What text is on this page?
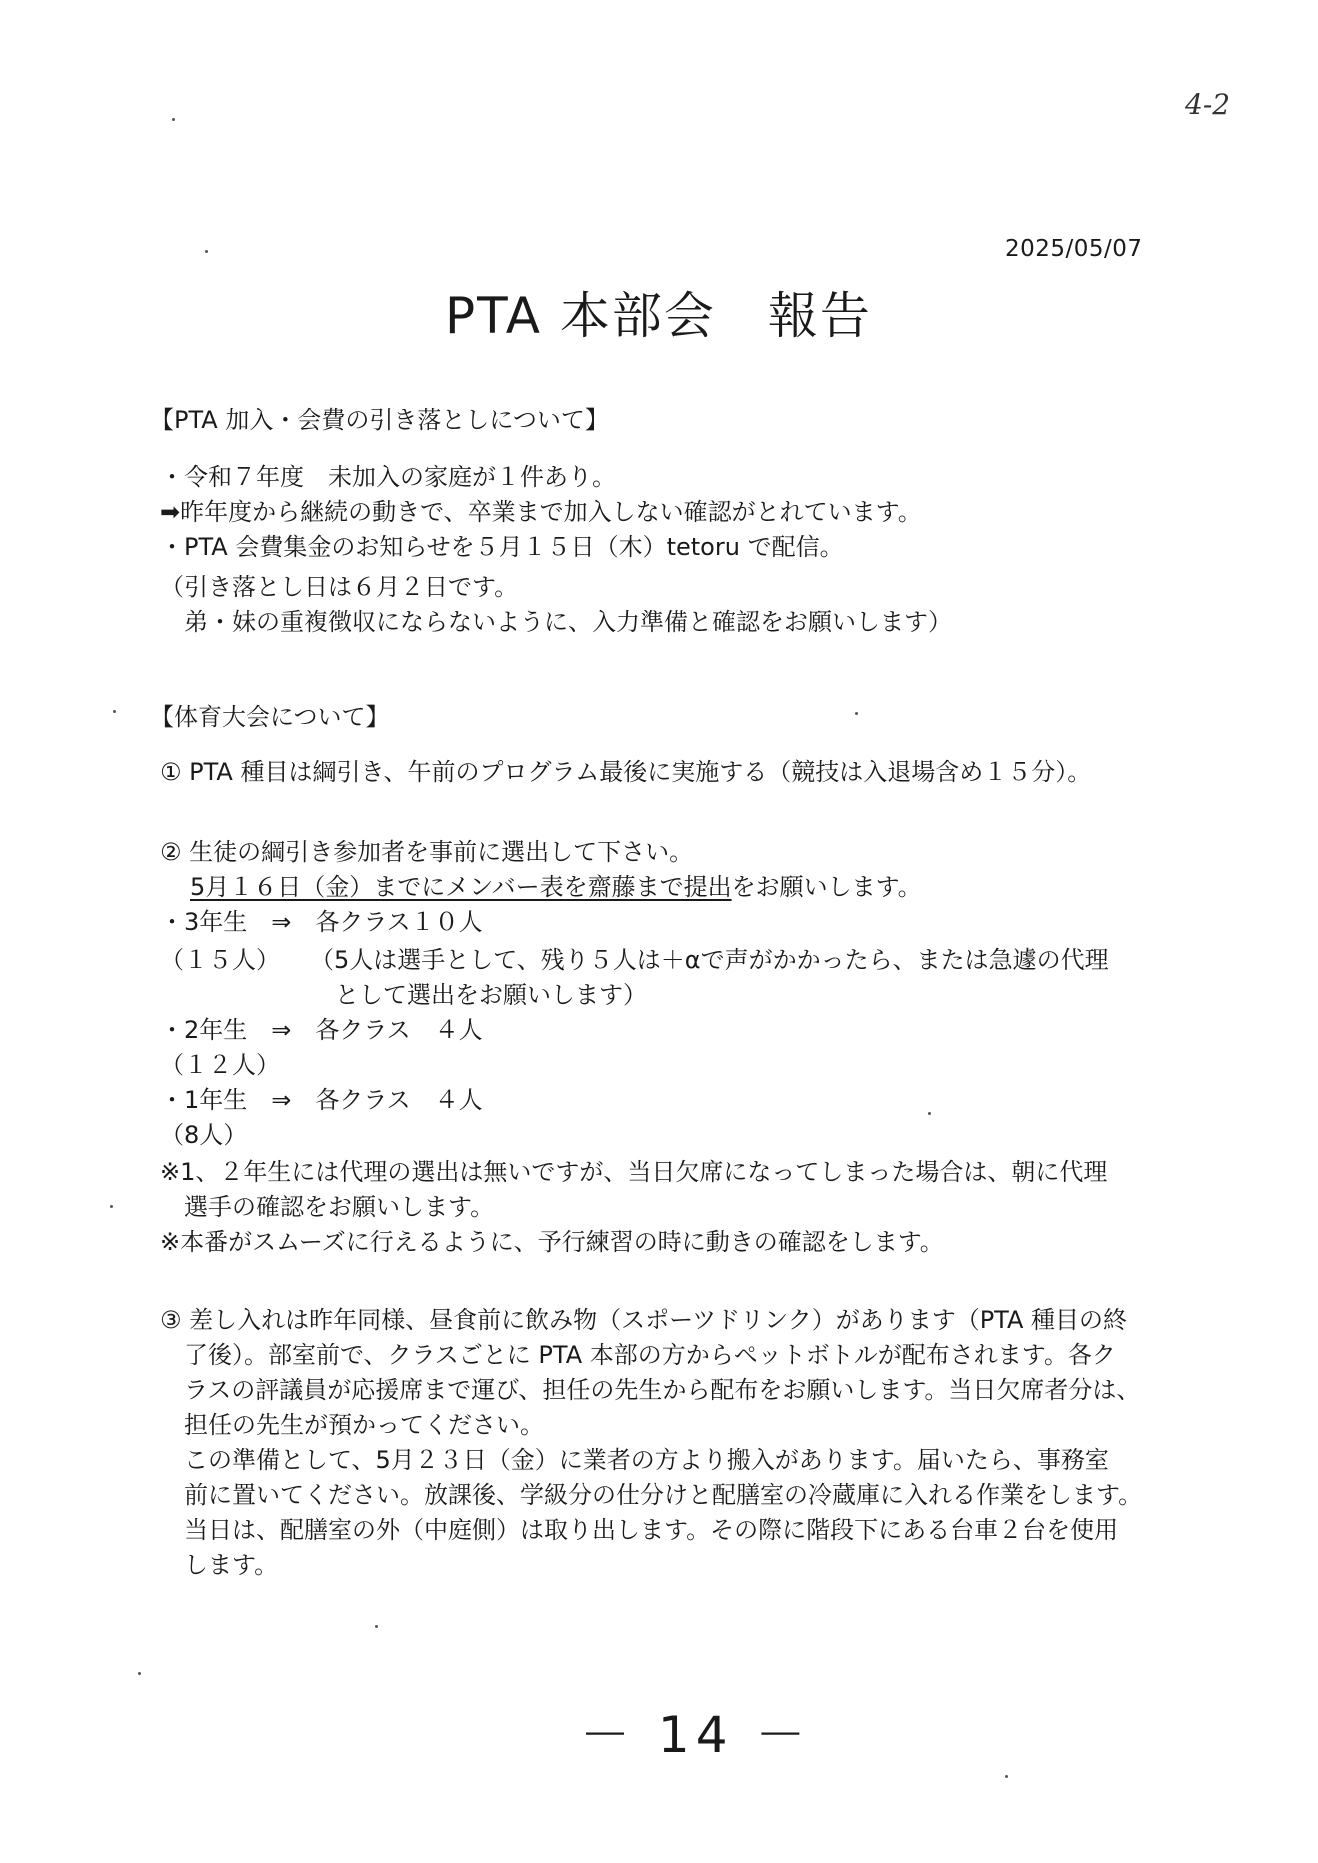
4-2
2025/05/07
PTA 本部会　報告
【PTA 加入・会費の引き落としについて】
・令和７年度　未加入の家庭が１件あり。
➡昨年度から継続の動きで、卒業まで加入しない確認がとれています。
・PTA 会費集金のお知らせを５月１５日（木）tetoru で配信。
（引き落とし日は６月２日です。
　弟・妹の重複徴収にならないように、入力準備と確認をお願いします）
【体育大会について】
① PTA 種目は綱引き、午前のプログラム最後に実施する（競技は入退場含め１５分）。
② 生徒の綱引き参加者を事前に選出して下さい。
5月１６日（金）までにメンバー表を齋藤まで提出をお願いします。
・3年生　⇒　各クラス１０人
（１５人） （5人は選手として、残り５人は＋αで声がかかったら、または急遽の代理
として選出をお願いします）
・2年生　⇒　各クラス　４人
（１２人）
・1年生　⇒　各クラス　４人
（8人）
※1、２年生には代理の選出は無いですが、当日欠席になってしまった場合は、朝に代理
　選手の確認をお願いします。
※本番がスムーズに行えるように、予行練習の時に動きの確認をします。
③ 差し入れは昨年同様、昼食前に飲み物（スポーツドリンク）があります（PTA 種目の終
　了後）。部室前で、クラスごとに PTA 本部の方からペットボトルが配布されます。各ク
　ラスの評議員が応援席まで運び、担任の先生から配布をお願いします。当日欠席者分は、
　担任の先生が預かってください。
　この準備として、5月２３日（金）に業者の方より搬入があります。届いたら、事務室
　前に置いてください。放課後、学級分の仕分けと配膳室の冷蔵庫に入れる作業をします。
　当日は、配膳室の外（中庭側）は取り出します。その際に階段下にある台車２台を使用
　します。
－ 14 －
